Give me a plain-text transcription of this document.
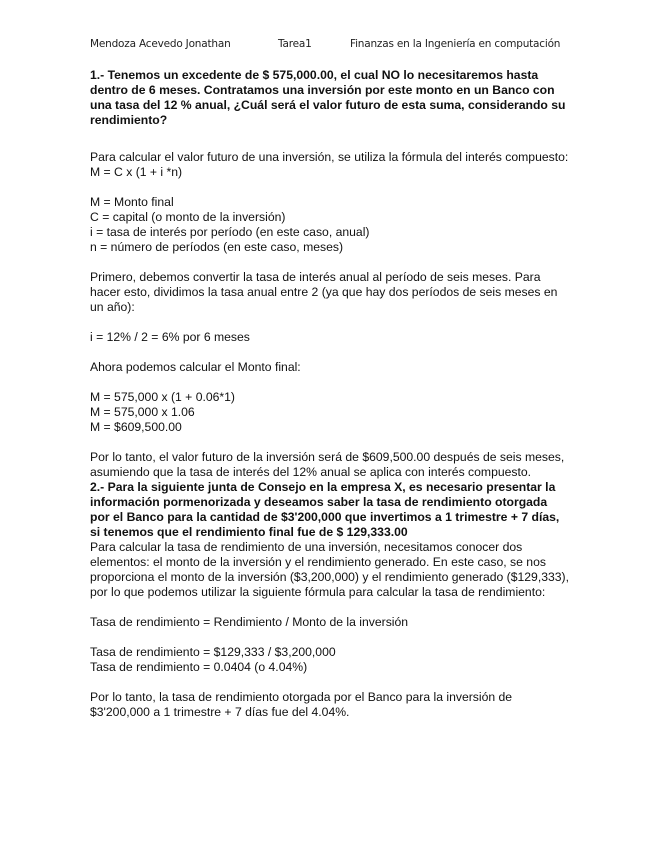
Mendoza Acevedo Jonathan	Tarea1	Finanzas en la Ingeniería en computación

1.- Tenemos un excedente de $ 575,000.00, el cual NO lo necesitaremos hasta dentro de 6 meses. Contratamos una inversión por este monto en un Banco con una tasa del 12 % anual, ¿Cuál será el valor futuro de esta suma, considerando su rendimiento?

Para calcular el valor futuro de una inversión, se utiliza la fórmula del interés compuesto:

M = C x (1 + i *n)

M = Monto final

C = capital (o monto de la inversión)

i = tasa de interés por período (en este caso, anual)

n = número de períodos (en este caso, meses)

Primero, debemos convertir la tasa de interés anual al período de seis meses. Para hacer esto, dividimos la tasa anual entre 2 (ya que hay dos períodos de seis meses en un año):

i = 12% / 2 = 6% por 6 meses

Ahora podemos calcular el Monto final:

M = 575,000 x (1 + 0.06*1)

M = 575,000 x 1.06

M = $609,500.00

Por lo tanto, el valor futuro de la inversión será de $609,500.00 después de seis meses, asumiendo que la tasa de interés del 12% anual se aplica con interés compuesto.

2.- Para la siguiente junta de Consejo en la empresa X, es necesario presentar la información pormenorizada y deseamos saber la tasa de rendimiento otorgada por el Banco para la cantidad de $3'200,000 que invertimos a 1 trimestre + 7 días, si tenemos que el rendimiento final fue de $ 129,333.00

Para calcular la tasa de rendimiento de una inversión, necesitamos conocer dos elementos: el monto de la inversión y el rendimiento generado. En este caso, se nos proporciona el monto de la inversión ($3,200,000) y el rendimiento generado ($129,333), por lo que podemos utilizar la siguiente fórmula para calcular la tasa de rendimiento:

Tasa de rendimiento = Rendimiento / Monto de la inversión

Tasa de rendimiento = $129,333 / $3,200,000

Tasa de rendimiento = 0.0404 (o 4.04%)

Por lo tanto, la tasa de rendimiento otorgada por el Banco para la inversión de $3'200,000 a 1 trimestre + 7 días fue del 4.04%.
